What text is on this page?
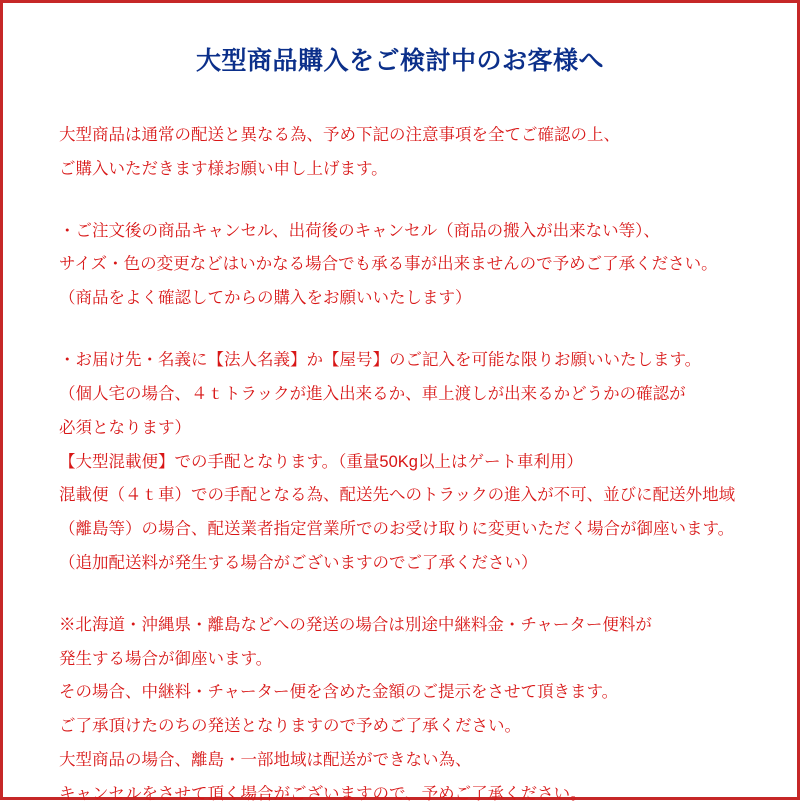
大型商品購入をご検討中のお客様へ

大型商品は通常の配送と異なる為、予め下記の注意事項を全てご確認の上、
ご購入いただきます様お願い申し上げます。

・ご注文後の商品キャンセル、出荷後のキャンセル（商品の搬入が出来ない等）、
サイズ・色の変更などはいかなる場合でも承る事が出来ませんので予めご了承ください。
（商品をよく確認してからの購入をお願いいたします）

・お届け先・名義に【法人名義】か【屋号】のご記入を可能な限りお願いいたします。
（個人宅の場合、４ｔトラックが進入出来るか、車上渡しが出来るかどうかの確認が
必須となります）
【大型混載便】での手配となります。（重量50Kg以上はゲート車利用）
混載便（４ｔ車）での手配となる為、配送先へのトラックの進入が不可、並びに配送外地域
（離島等）の場合、配送業者指定営業所でのお受け取りに変更いただく場合が御座います。
（追加配送料が発生する場合がございますのでご了承ください）

※北海道・沖縄県・離島などへの発送の場合は別途中継料金・チャーター便料が
発生する場合が御座います。
その場合、中継料・チャーター便を含めた金額のご提示をさせて頂きます。
ご了承頂けたのちの発送となりますので予めご了承ください。
大型商品の場合、離島・一部地域は配送ができない為、
キャンセルをさせて頂く場合がございますので、予めご了承ください。
